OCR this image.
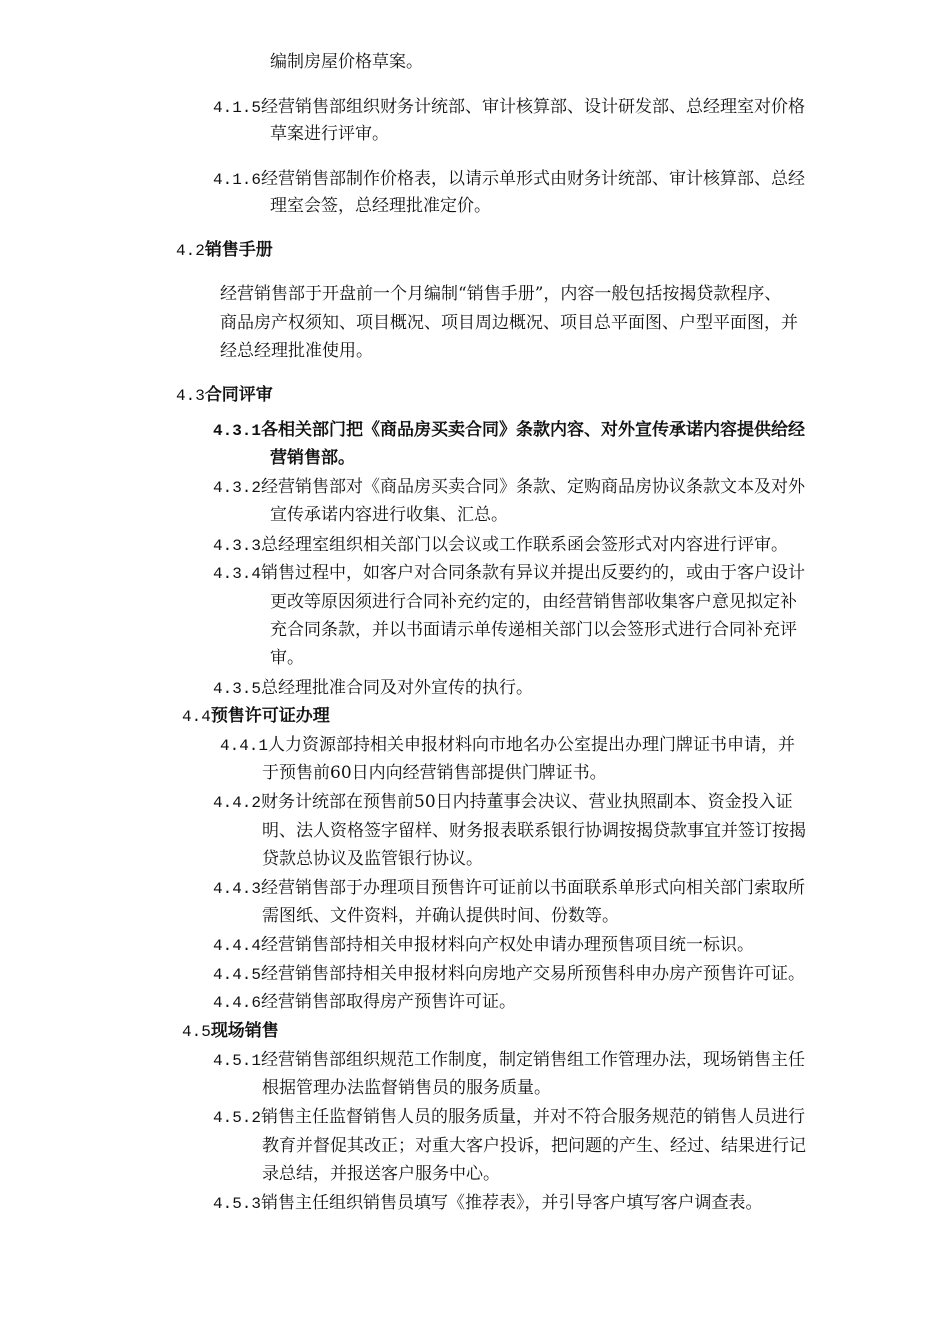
编制房屋价格草案。
4.1.5经营销售部组织财务计统部、审计核算部、设计研发部、总经理室对价格
草案进行评审。
4.1.6经营销售部制作价格表，以请示单形式由财务计统部、审计核算部、总经
理室会签，总经理批准定价。
4.2销售手册
经营销售部于开盘前一个月编制“销售手册”，内容一般包括按揭贷款程序、
商品房产权须知、项目概况、项目周边概况、项目总平面图、户型平面图，并
经总经理批准使用。
4.3合同评审
4.3.1各相关部门把《商品房买卖合同》条款内容、对外宣传承诺内容提供给经
营销售部。
4.3.2经营销售部对《商品房买卖合同》条款、定购商品房协议条款文本及对外
宣传承诺内容进行收集、汇总。
4.3.3总经理室组织相关部门以会议或工作联系函会签形式对内容进行评审。
4.3.4销售过程中，如客户对合同条款有异议并提出反要约的，或由于客户设计
更改等原因须进行合同补充约定的，由经营销售部收集客户意见拟定补
充合同条款，并以书面请示单传递相关部门以会签形式进行合同补充评
审。
4.3.5总经理批准合同及对外宣传的执行。
4.4预售许可证办理
4.4.1人力资源部持相关申报材料向市地名办公室提出办理门牌证书申请，并
于预售前60日内向经营销售部提供门牌证书。
4.4.2财务计统部在预售前50日内持董事会决议、营业执照副本、资金投入证
明、法人资格签字留样、财务报表联系银行协调按揭贷款事宜并签订按揭
贷款总协议及监管银行协议。
4.4.3经营销售部于办理项目预售许可证前以书面联系单形式向相关部门索取所
需图纸、文件资料，并确认提供时间、份数等。
4.4.4经营销售部持相关申报材料向产权处申请办理预售项目统一标识。
4.4.5经营销售部持相关申报材料向房地产交易所预售科申办房产预售许可证。
4.4.6经营销售部取得房产预售许可证。
4.5现场销售
4.5.1经营销售部组织规范工作制度，制定销售组工作管理办法，现场销售主任
根据管理办法监督销售员的服务质量。
4.5.2销售主任监督销售人员的服务质量，并对不符合服务规范的销售人员进行
教育并督促其改正；对重大客户投诉，把问题的产生、经过、结果进行记
录总结，并报送客户服务中心。
4.5.3销售主任组织销售员填写《推荐表》，并引导客户填写客户调查表。
